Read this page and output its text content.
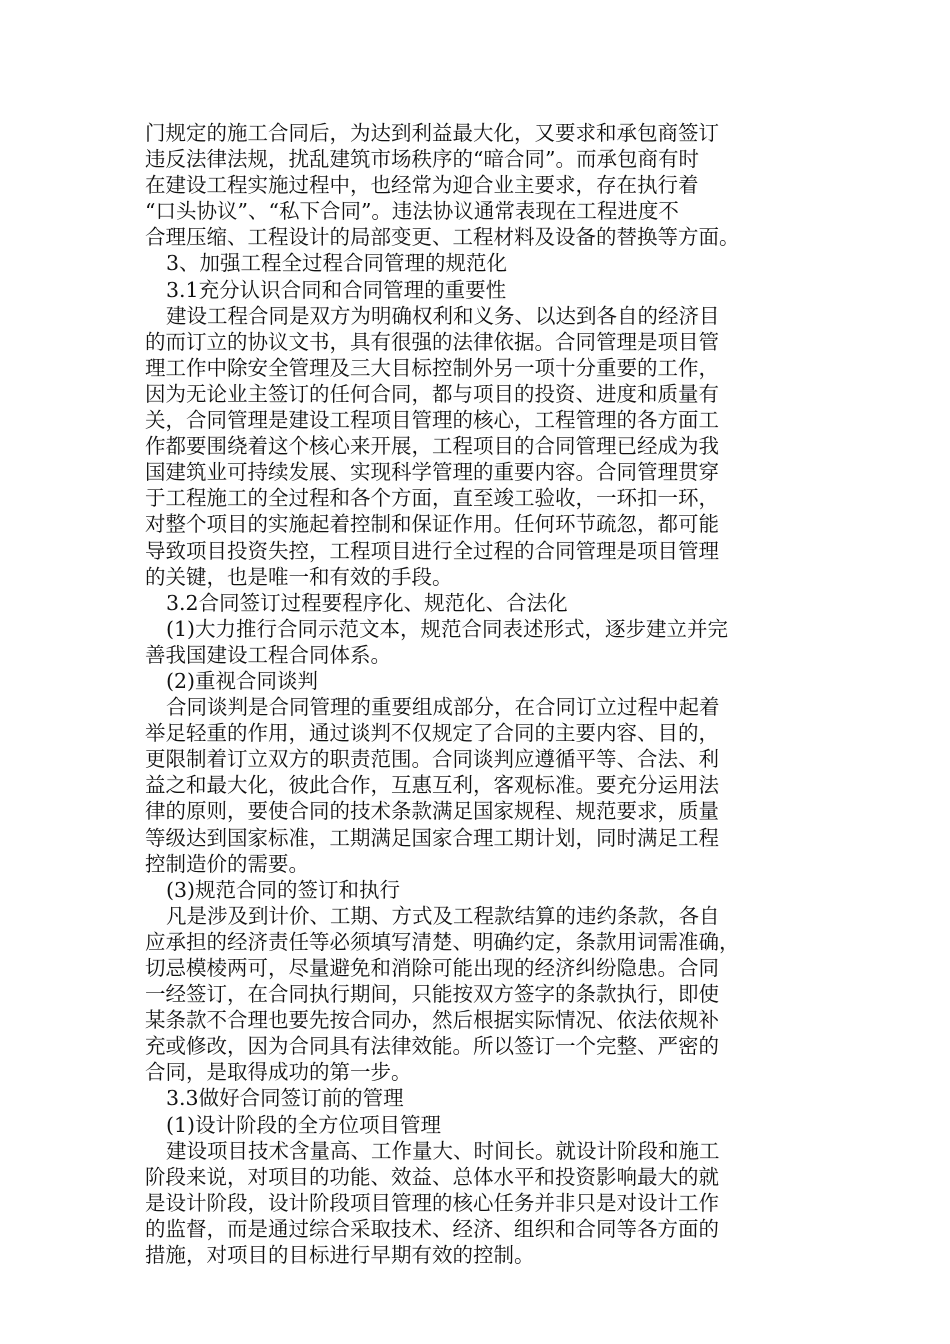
门规定的施工合同后，为达到利益最大化，又要求和承包商签订
违反法律法规，扰乱建筑市场秩序的“暗合同”。而承包商有时
在建设工程实施过程中，也经常为迎合业主要求，存在执行着
“口头协议”、“私下合同”。违法协议通常表现在工程进度不
合理压缩、工程设计的局部变更、工程材料及设备的替换等方面。
3、加强工程全过程合同管理的规范化
3.1充分认识合同和合同管理的重要性
建设工程合同是双方为明确权利和义务、以达到各自的经济目
的而订立的协议文书，具有很强的法律依据。合同管理是项目管
理工作中除安全管理及三大目标控制外另一项十分重要的工作，
因为无论业主签订的任何合同，都与项目的投资、进度和质量有
关，合同管理是建设工程项目管理的核心，工程管理的各方面工
作都要围绕着这个核心来开展，工程项目的合同管理已经成为我
国建筑业可持续发展、实现科学管理的重要内容。合同管理贯穿
于工程施工的全过程和各个方面，直至竣工验收，一环扣一环，
对整个项目的实施起着控制和保证作用。任何环节疏忽，都可能
导致项目投资失控，工程项目进行全过程的合同管理是项目管理
的关键，也是唯一和有效的手段。
3.2合同签订过程要程序化、规范化、合法化
(1)大力推行合同示范文本，规范合同表述形式，逐步建立并完
善我国建设工程合同体系。
(2)重视合同谈判
合同谈判是合同管理的重要组成部分，在合同订立过程中起着
举足轻重的作用，通过谈判不仅规定了合同的主要内容、目的，
更限制着订立双方的职责范围。合同谈判应遵循平等、合法、利
益之和最大化，彼此合作，互惠互利，客观标准。要充分运用法
律的原则，要使合同的技术条款满足国家规程、规范要求，质量
等级达到国家标准，工期满足国家合理工期计划，同时满足工程
控制造价的需要。
(3)规范合同的签订和执行
凡是涉及到计价、工期、方式及工程款结算的违约条款，各自
应承担的经济责任等必须填写清楚、明确约定，条款用词需准确，
切忌模棱两可，尽量避免和消除可能出现的经济纠纷隐患。合同
一经签订，在合同执行期间，只能按双方签字的条款执行，即使
某条款不合理也要先按合同办，然后根据实际情况、依法依规补
充或修改，因为合同具有法律效能。所以签订一个完整、严密的
合同，是取得成功的第一步。
3.3做好合同签订前的管理
(1)设计阶段的全方位项目管理
建设项目技术含量高、工作量大、时间长。就设计阶段和施工
阶段来说，对项目的功能、效益、总体水平和投资影响最大的就
是设计阶段，设计阶段项目管理的核心任务并非只是对设计工作
的监督，而是通过综合采取技术、经济、组织和合同等各方面的
措施，对项目的目标进行早期有效的控制。
